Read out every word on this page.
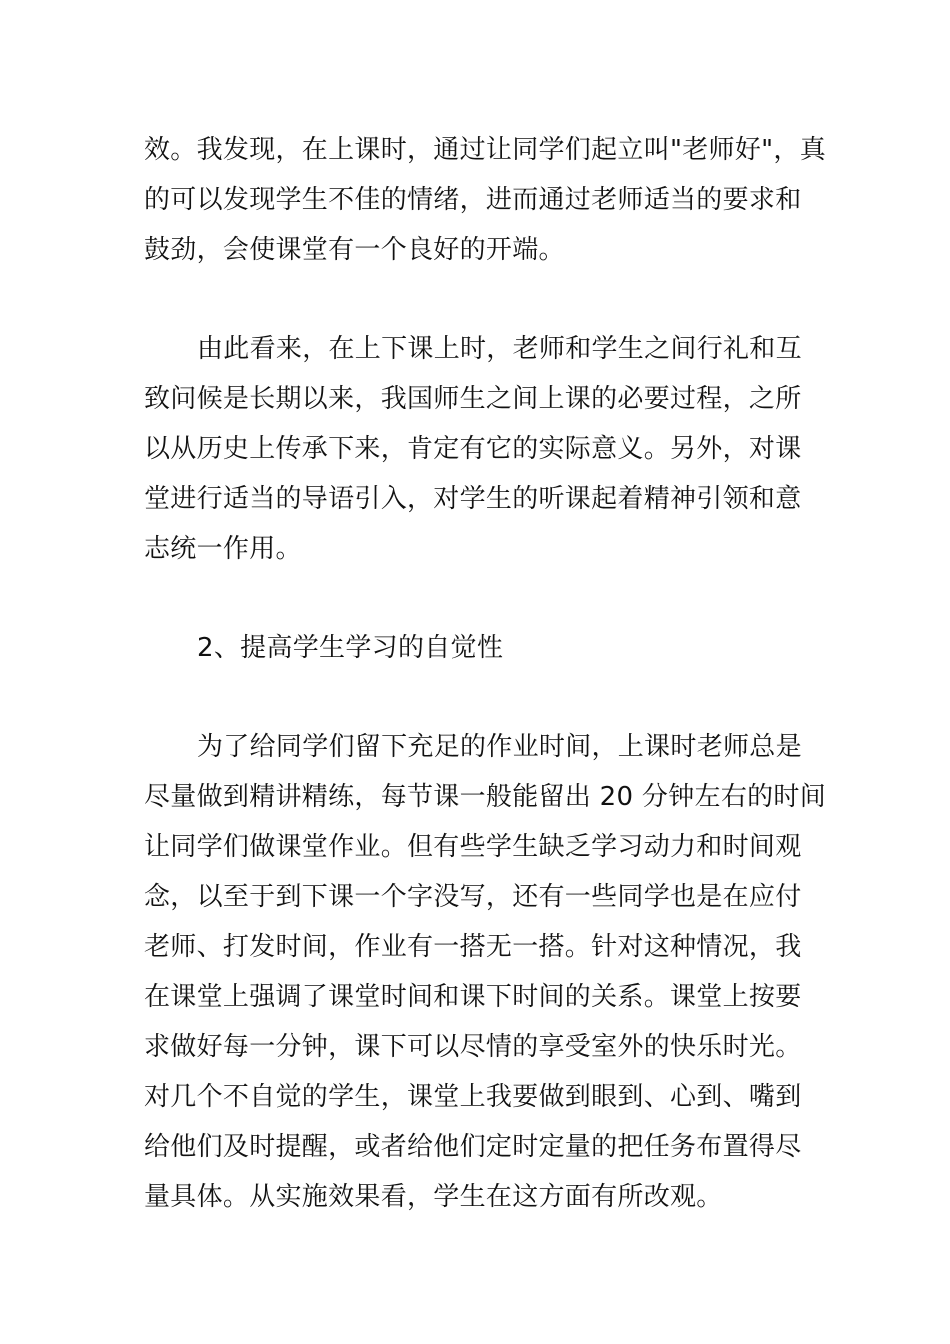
效。我发现，在上课时，通过让同学们起立叫"老师好"，真
的可以发现学生不佳的情绪，进而通过老师适当的要求和
鼓劲，会使课堂有一个良好的开端。
由此看来，在上下课上时，老师和学生之间行礼和互
致问候是长期以来，我国师生之间上课的必要过程，之所
以从历史上传承下来，肯定有它的实际意义。另外，对课
堂进行适当的导语引入，对学生的听课起着精神引领和意
志统一作用。
2、提高学生学习的自觉性
为了给同学们留下充足的作业时间，上课时老师总是
尽量做到精讲精练，每节课一般能留出 20 分钟左右的时间
让同学们做课堂作业。但有些学生缺乏学习动力和时间观
念，以至于到下课一个字没写，还有一些同学也是在应付
老师、打发时间，作业有一搭无一搭。针对这种情况，我
在课堂上强调了课堂时间和课下时间的关系。课堂上按要
求做好每一分钟，课下可以尽情的享受室外的快乐时光。
对几个不自觉的学生，课堂上我要做到眼到、心到、嘴到
给他们及时提醒，或者给他们定时定量的把任务布置得尽
量具体。从实施效果看，学生在这方面有所改观。
